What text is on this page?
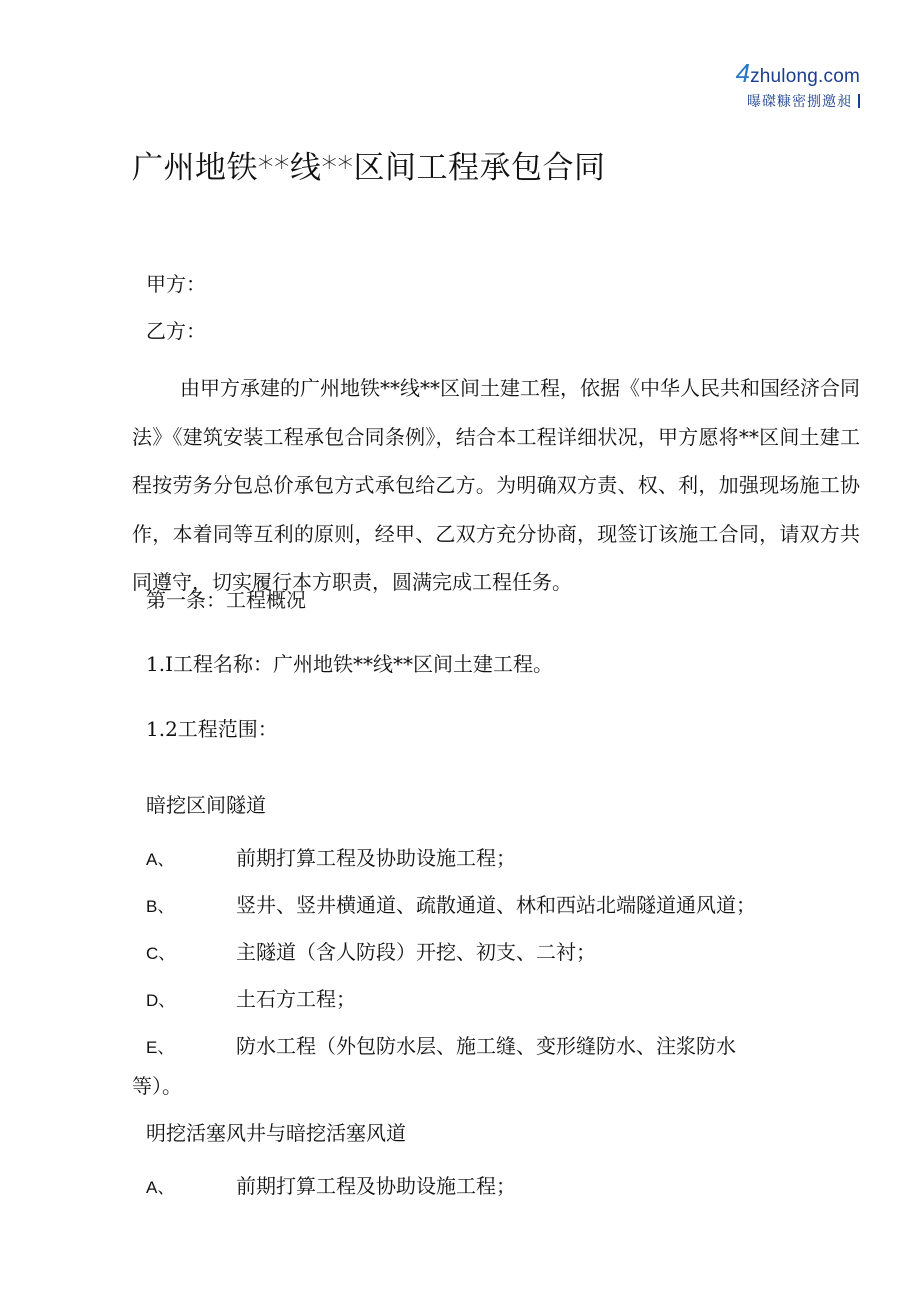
4zhulong.com
曝磔糠密捌邀昶
广州地铁**线**区间工程承包合同
甲方：
乙方：
由甲方承建的广州地铁**线**区间土建工程，依据《中华人民共和国经济合同法》《建筑安装工程承包合同条例》，结合本工程详细状况，甲方愿将**区间土建工程按劳务分包总价承包方式承包给乙方。为明确双方责、权、利，加强现场施工协作，本着同等互利的原则，经甲、乙双方充分协商，现签订该施工合同，请双方共同遵守，切实履行本方职责，圆满完成工程任务。
第一条：工程概况
1.I工程名称：广州地铁**线**区间土建工程。
1.2工程范围：
暗挖区间隧道
A、	前期打算工程及协助设施工程；
B、	竖井、竖井横通道、疏散通道、林和西站北端隧道通风道；
C、	主隧道（含人防段）开挖、初支、二衬；
D、	土石方工程；
E、	防水工程（外包防水层、施工缝、变形缝防水、注浆防水
等）。
明挖活塞风井与暗挖活塞风道
A、	前期打算工程及协助设施工程；
